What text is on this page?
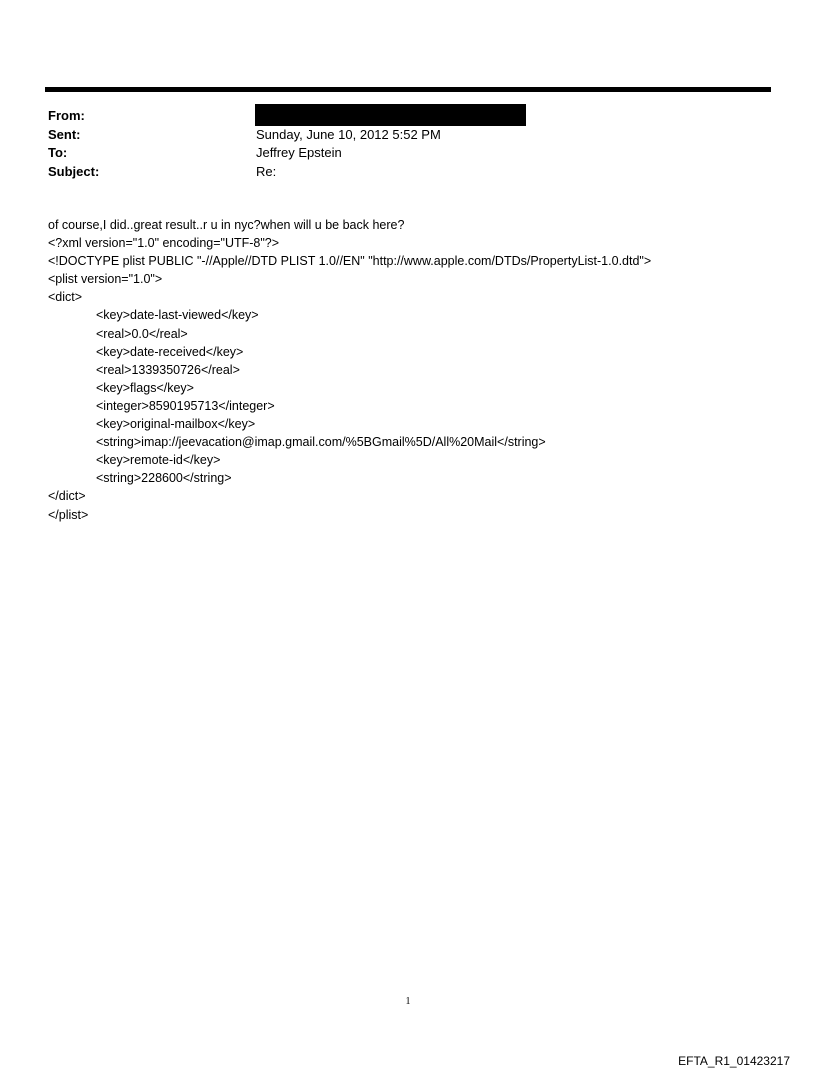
From:
Sent:	Sunday, June 10, 2012 5:52 PM
To:	Jeffrey Epstein
Subject:	Re:
of course,I did..great result..r u in nyc?when will u be back here?
<?xml version="1.0" encoding="UTF-8"?>
<!DOCTYPE plist PUBLIC "-//Apple//DTD PLIST 1.0//EN" "http://www.apple.com/DTDs/PropertyList-1.0.dtd">
<plist version="1.0">
<dict>
<key>date-last-viewed</key>
<real>0.0</real>
<key>date-received</key>
<real>1339350726</real>
<key>flags</key>
<integer>8590195713</integer>
<key>original-mailbox</key>
<string>imap://jeevacation@imap.gmail.com/%5BGmail%5D/All%20Mail</string>
<key>remote-id</key>
<string>228600</string>
</dict>
</plist>
1
EFTA_R1_01423217
